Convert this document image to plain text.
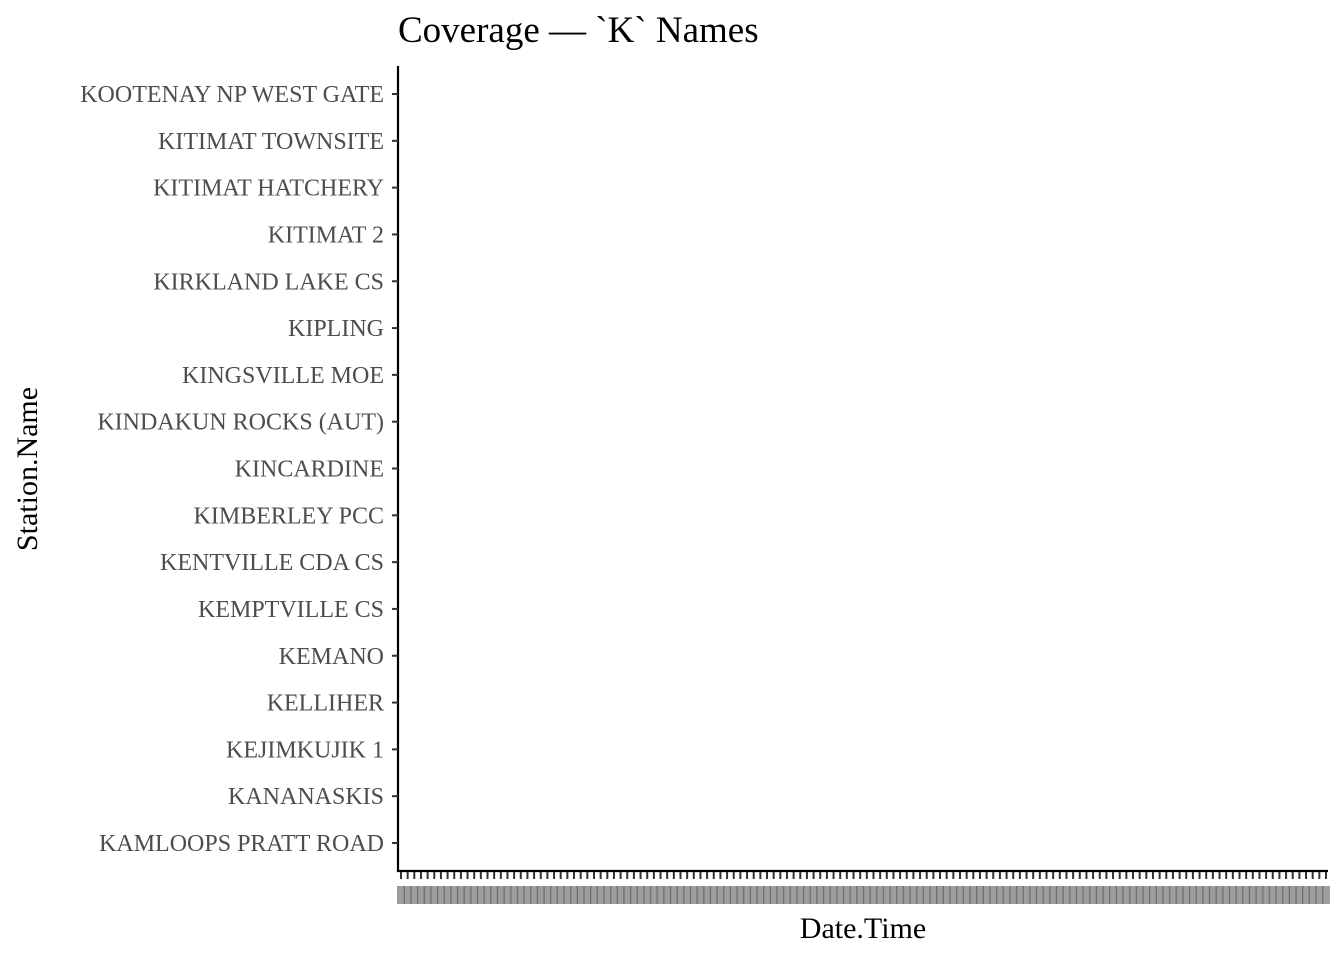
Coverage — `K` Names
KAMLOOPS PRATT ROAD
KANANASKIS
KEJIMKUJIK 1
KELLIHER
KEMANO
KEMPTVILLE CS
KENTVILLE CDA CS
KIMBERLEY PCC
KINCARDINE
KINDAKUN ROCKS (AUT)
KINGSVILLE MOE
KIPLING
KIRKLAND LAKE CS
KITIMAT 2
KITIMAT HATCHERY
KITIMAT TOWNSITE
KOOTENAY NP WEST GATE
Date.Time
Station.Name
